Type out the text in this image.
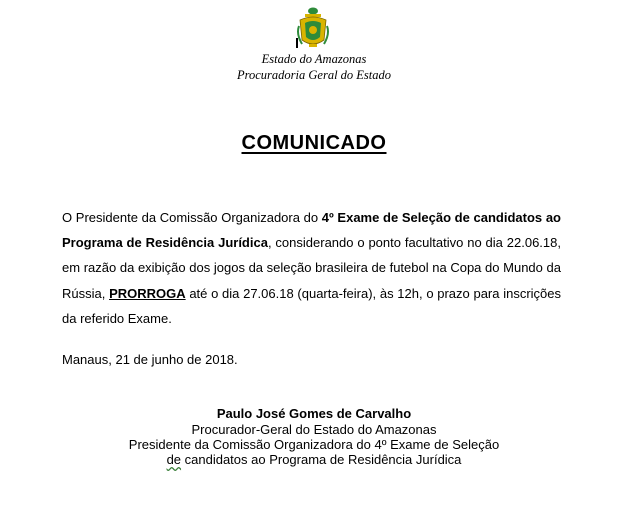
Estado do Amazonas
Procuradoria Geral do Estado
COMUNICADO

O Presidente da Comissão Organizadora do 4º Exame de Seleção de candidatos ao Programa de Residência Jurídica, considerando o ponto facultativo no dia 22.06.18, em razão da exibição dos jogos da seleção brasileira de futebol na Copa do Mundo da Rússia, PRORROGA até o dia 27.06.18 (quarta-feira), às 12h, o prazo para inscrições da referido Exame.

Manaus, 21 de junho de 2018.
Paulo José Gomes de Carvalho
Procurador-Geral do Estado do Amazonas
Presidente da Comissão Organizadora do 4º Exame de Seleção
de candidatos ao Programa de Residência Jurídica
